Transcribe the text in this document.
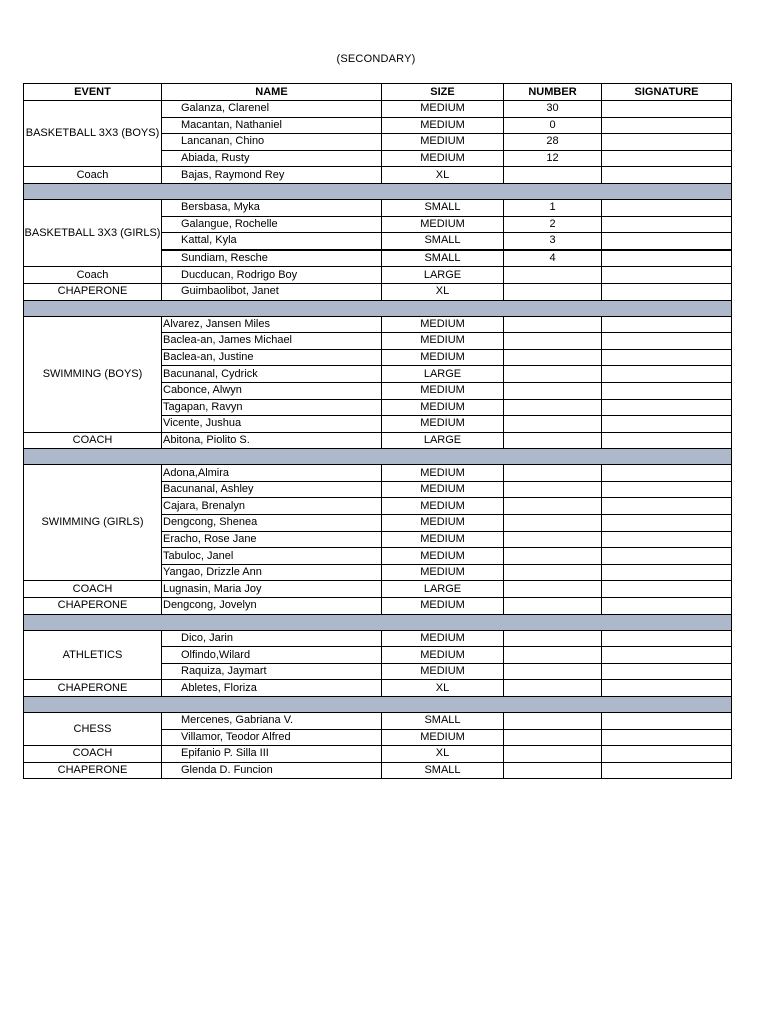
(SECONDARY)
EVENT	NAME	SIZE	NUMBER	SIGNATURE
BASKETBALL 3X3 (BOYS)	Galanza, Clarenel	MEDIUM	30	
	Macantan, Nathaniel	MEDIUM	0	
	Lancanan, Chino	MEDIUM	28	
	Abiada, Rusty	MEDIUM	12	
Coach	Bajas, Raymond Rey	XL		

BASKETBALL 3X3 (GIRLS)	Bersbasa, Myka	SMALL	1	
	Galangue, Rochelle	MEDIUM	2	
	Kattal, Kyla	SMALL	3	
	Sundiam, Resche	SMALL	4	
Coach	Ducducan, Rodrigo Boy	LARGE		
CHAPERONE	Guimbaolibot, Janet	XL		

SWIMMING (BOYS)	Alvarez, Jansen Miles	MEDIUM		
	Baclea-an, James Michael	MEDIUM		
	Baclea-an, Justine	MEDIUM		
	Bacunanal, Cydrick	LARGE		
	Cabonce, Alwyn	MEDIUM		
	Tagapan, Ravyn	MEDIUM		
	Vicente, Jushua	MEDIUM		
COACH	Abitona, Piolito S.	LARGE		

SWIMMING (GIRLS)	Adona,Almira	MEDIUM		
	Bacunanal, Ashley	MEDIUM		
	Cajara, Brenalyn	MEDIUM		
	Dengcong, Shenea	MEDIUM		
	Eracho, Rose Jane	MEDIUM		
	Tabuloc, Janel	MEDIUM		
	Yangao, Drizzle Ann	MEDIUM		
COACH	Lugnasin, Maria Joy	LARGE		
CHAPERONE	Dengcong, Jovelyn	MEDIUM		

ATHLETICS	Dico, Jarin	MEDIUM		
	Olfindo,Wilard	MEDIUM		
	Raquiza, Jaymart	MEDIUM		
CHAPERONE	Abletes, Floriza	XL		

CHESS	Mercenes, Gabriana V.	SMALL		
	Villamor, Teodor Alfred	MEDIUM		
COACH	Epifanio P. Silla III	XL		
CHAPERONE	Glenda D. Funcion	SMALL		
